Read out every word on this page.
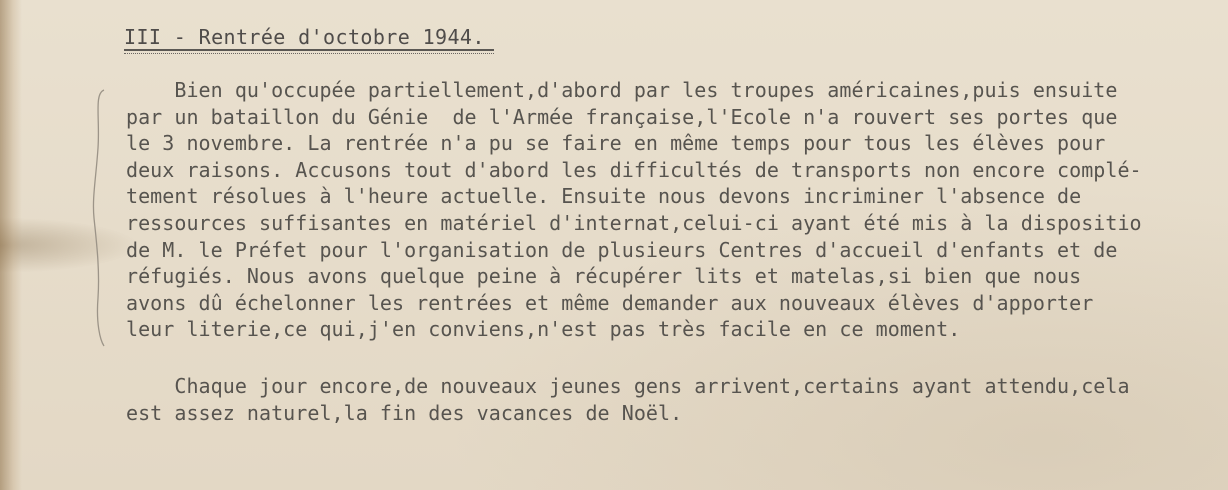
III - Rentrée d'octobre 1944.
Bien qu'occupée partiellement,d'abord par les troupes américaines,puis ensuite
par un bataillon du Génie  de l'Armée française,l'Ecole n'a rouvert ses portes que
le 3 novembre. La rentrée n'a pu se faire en même temps pour tous les élèves pour
deux raisons. Accusons tout d'abord les difficultés de transports non encore complé-
tement résolues à l'heure actuelle. Ensuite nous devons incriminer l'absence de
ressources suffisantes en matériel d'internat,celui-ci ayant été mis à la dispositio
de M. le Préfet pour l'organisation de plusieurs Centres d'accueil d'enfants et de
réfugiés. Nous avons quelque peine à récupérer lits et matelas,si bien que nous
avons dû échelonner les rentrées et même demander aux nouveaux élèves d'apporter
leur literie,ce qui,j'en conviens,n'est pas très facile en ce moment.
Chaque jour encore,de nouveaux jeunes gens arrivent,certains ayant attendu,cela
est assez naturel,la fin des vacances de Noël.
